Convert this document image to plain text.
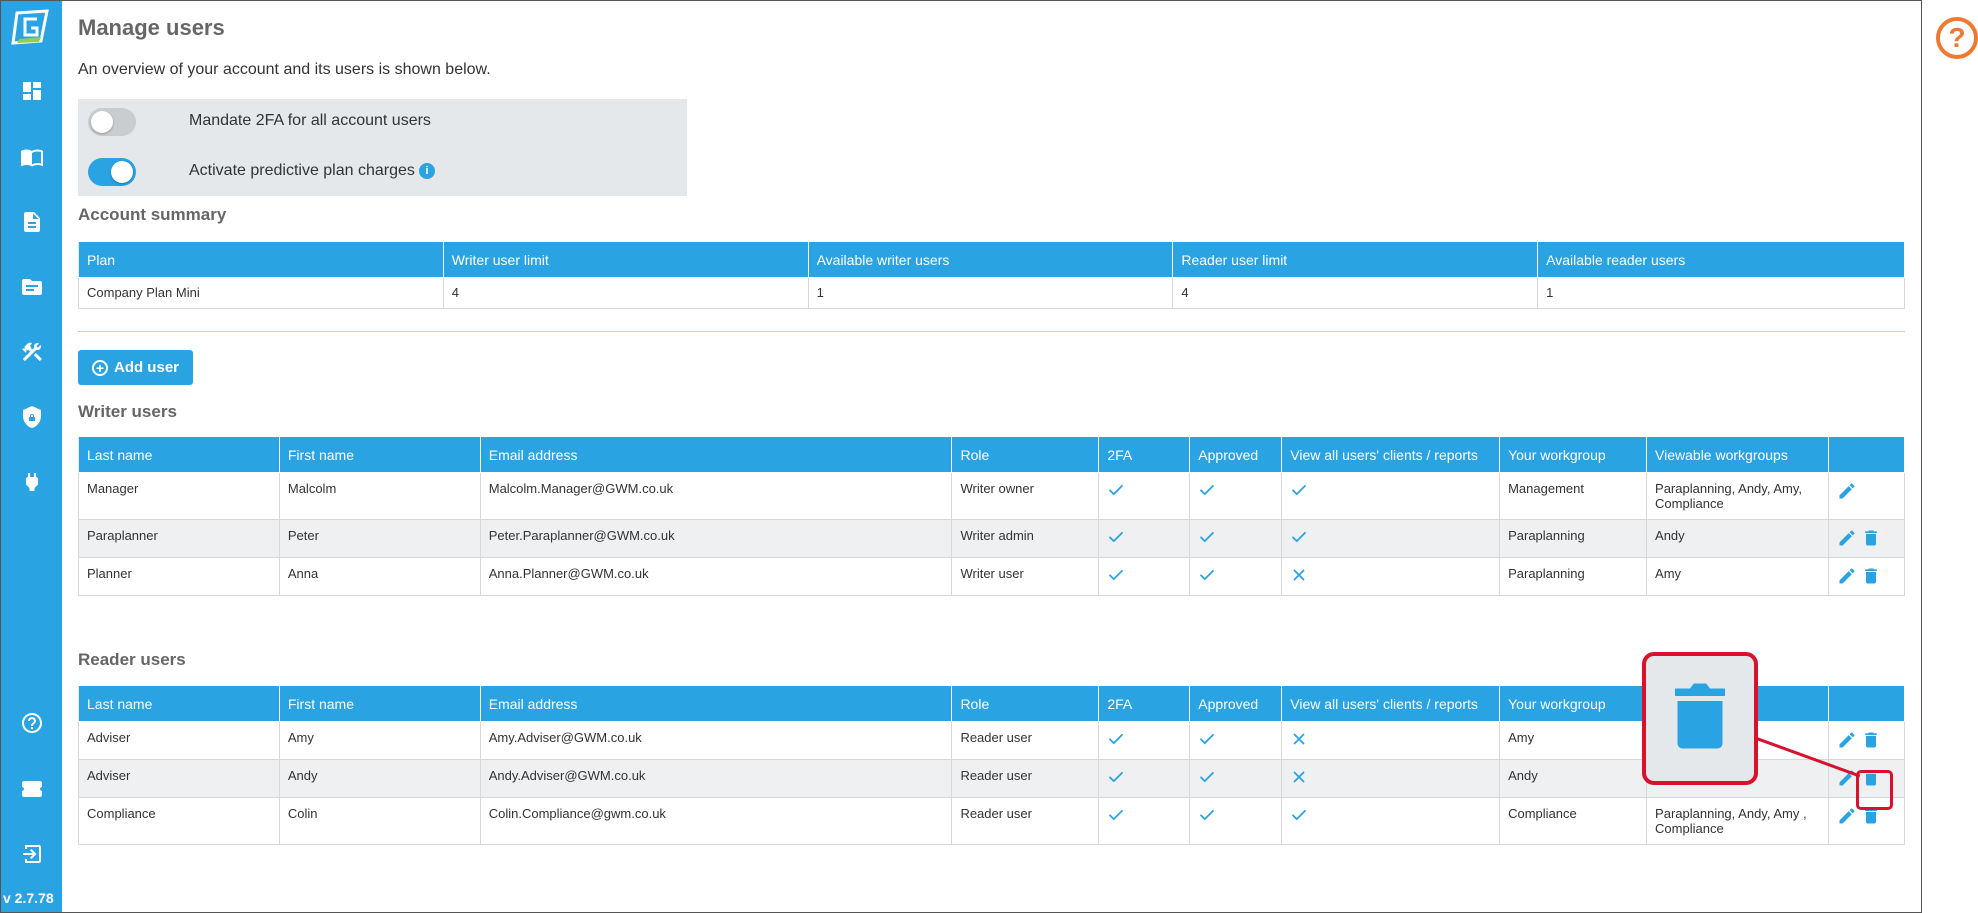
v 2.7.78
Manage users
An overview of your account and its users is shown below.
?
Mandate 2FA for all account users
Activate predictive plan charges i
Account summary
Plan	Writer user limit	Available writer users	Reader user limit	Available reader users
Company Plan Mini	4	1	4	1
+ Add user
Writer users
Last name	First name	Email address	Role	2FA	Approved	View all users' clients / reports	Your workgroup	Viewable workgroups	
Manager	Malcolm	Malcolm.Manager@GWM.co.uk	Writer owner				Management	Paraplanning, Andy, Amy, Compliance	
Paraplanner	Peter	Peter.Paraplanner@GWM.co.uk	Writer admin				Paraplanning	Andy	
Planner	Anna	Anna.Planner@GWM.co.uk	Writer user				Paraplanning	Amy	
Reader users
Last name	First name	Email address	Role	2FA	Approved	View all users' clients / reports	Your workgroup		
Adviser	Amy	Amy.Adviser@GWM.co.uk	Reader user				Amy		
Adviser	Andy	Andy.Adviser@GWM.co.uk	Reader user				Andy		
Compliance	Colin	Colin.Compliance@gwm.co.uk	Reader user				Compliance	Paraplanning, Andy, Amy , Compliance	
